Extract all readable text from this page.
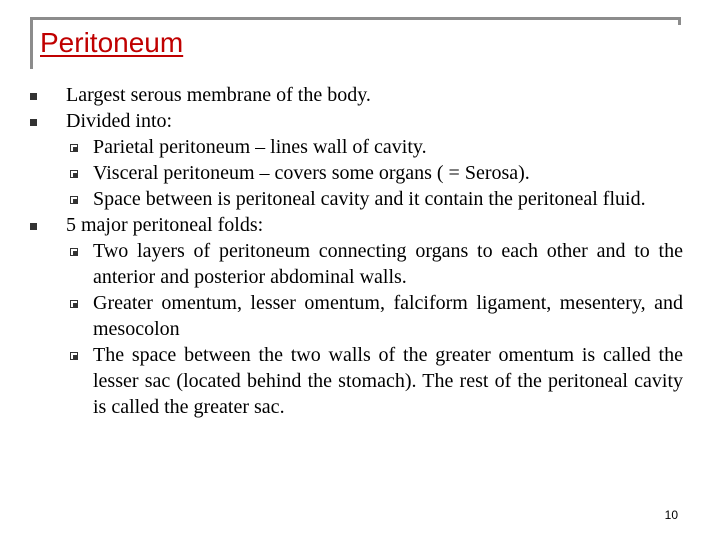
Peritoneum
Largest serous membrane of the body.
Divided into:
Parietal peritoneum – lines wall of cavity.
Visceral peritoneum – covers some organs ( = Serosa).
Space between is peritoneal cavity and it contain the peritoneal fluid.
5 major peritoneal folds:
Two layers of peritoneum connecting organs to each other and to the anterior and posterior abdominal walls.
Greater omentum, lesser omentum, falciform ligament, mesentery, and mesocolon
The space between the two walls of the greater omentum is called the lesser sac (located behind the stomach). The rest of the peritoneal cavity is called the greater sac.
10
